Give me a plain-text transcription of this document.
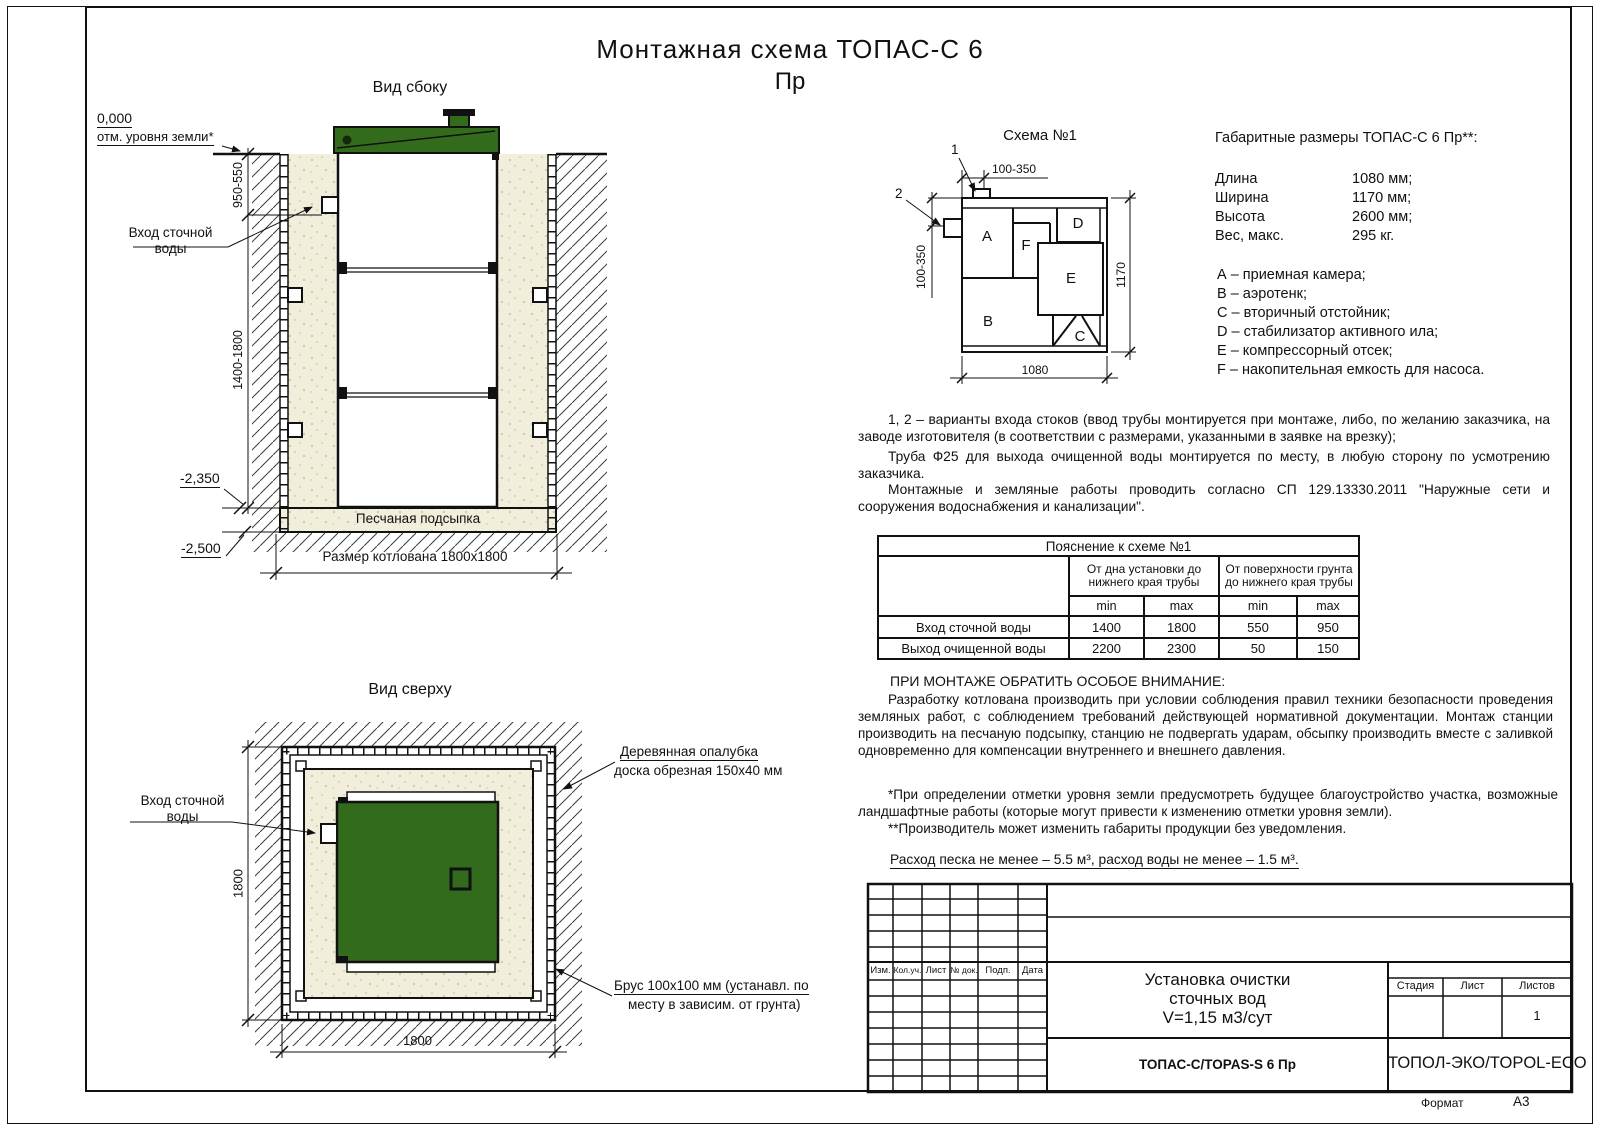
Монтажная схема ТОПАС-С 6
Пр
Вид сбоку
0,000
отм. уровня земли*
950-550
1400-1800
Вход сточной
воды
-2,350
-2,500
Песчаная подсыпка
Размер котлована 1800х1800
Схема №1
1
2
100-350
100-350
1080
1170
A
F
D
E
B
C
Габаритные размеры ТОПАС-С 6 Пр**:
Длина	1080 мм;
Ширина	1170 мм;
Высота	2600 мм;
Вес, макс.	295 кг.
А – приемная камера;
В – аэротенк;
С – вторичный отстойник;
D – стабилизатор активного ила;
Е – компрессорный отсек;
F – накопительная емкость для насоса.
1, 2 – варианты входа стоков (ввод трубы монтируется при монтаже, либо, по желанию заказчика, на заводе изготовителя (в соответствии с размерами, указанными в заявке на врезку);
Труба Ф25 для выхода очищенной воды монтируется по месту, в любую сторону по усмотрению заказчика.
Монтажные и земляные работы проводить согласно СП 129.13330.2011 "Наружные сети и сооружения водоснабжения и канализации".
Пояснение к схеме №1				
	От дна установки до нижнего края трубы		От поверхности грунта до нижнего края трубы	
	min	max	min	max
Вход сточной воды	1400	1800	550	950
Выход очищенной воды	2200	2300	50	150
ПРИ МОНТАЖЕ ОБРАТИТЬ ОСОБОЕ ВНИМАНИЕ:
Разработку котлована производить при условии соблюдения правил техники безопасности проведения земляных работ, с соблюдением требований действующей нормативной документации. Монтаж станции производить на песчаную подсыпку, станцию не подвергать ударам, обсыпку производить вместе с заливкой одновременно для компенсации внутреннего и внешнего давления.
*При определении отметки уровня земли предусмотреть будущее благоустройство участка, возможные ландшафтные работы (которые могут привести к изменению отметки уровня земли).
**Производитель может изменить габариты продукции без уведомления.
Расход песка не менее – 5.5 м³, расход воды не менее – 1.5 м³.
Вид сверху
Вход сточной
воды
Деревянная опалубка
доска обрезная 150х40 мм
Брус 100х100 мм (устанавл. по
месту в зависим. от грунта)
1800
1800
Изм. Кол.уч. Лист № док. Подп.	Дата	Установка очистки
сточных вод
V=1,15 м3/сут
Стадия	Лист	Листов
1
ТОПАС-С/TOPAS-S 6 Пр	ТОПОЛ-ЭКО/TOPOL-ECO
Формат	А3
